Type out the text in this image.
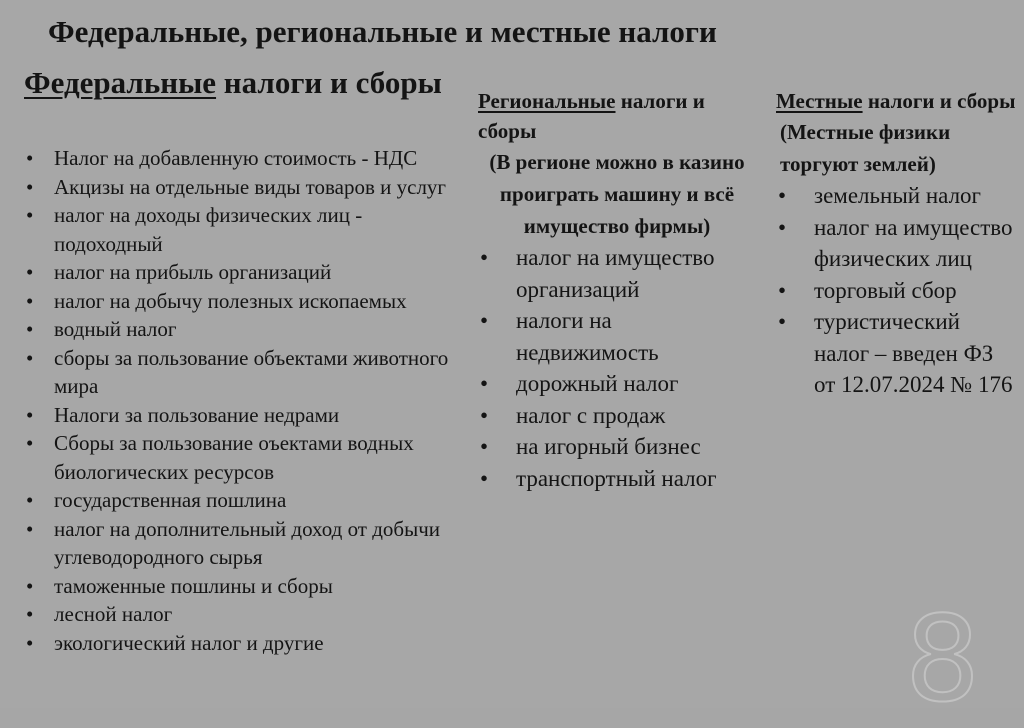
Федеральные, региональные и местные налоги
Федеральные налоги и сборы
• Налог на добавленную стоимость - НДС
• Акцизы на отдельные виды товаров и услуг
• налог на доходы физических лиц - подоходный
• налог на прибыль организаций
• налог на добычу полезных ископаемых
• водный налог
• сборы за пользование объектами животного мира
• Налоги за пользование недрами
• Сборы за пользование оъектами водных биологических ресурсов
• государственная пошлина
• налог на дополнительный доход от добычи углеводородного сырья
• таможенные пошлины и сборы
• лесной налог
• экологический налог и другие
Региональные налоги и сборы
(В регионе можно в казино проиграть машину и всё имущество фирмы)
• налог на имущество организаций
• налоги на недвижимость
• дорожный налог
• налог с продаж
• на игорный бизнес
• транспортный налог
Местные налоги и сборы
(Местные физики торгуют землей)
• земельный налог
• налог на имущество физических лиц
• торговый сбор
• туристический налог – введен ФЗ от 12.07.2024 № 176
8
